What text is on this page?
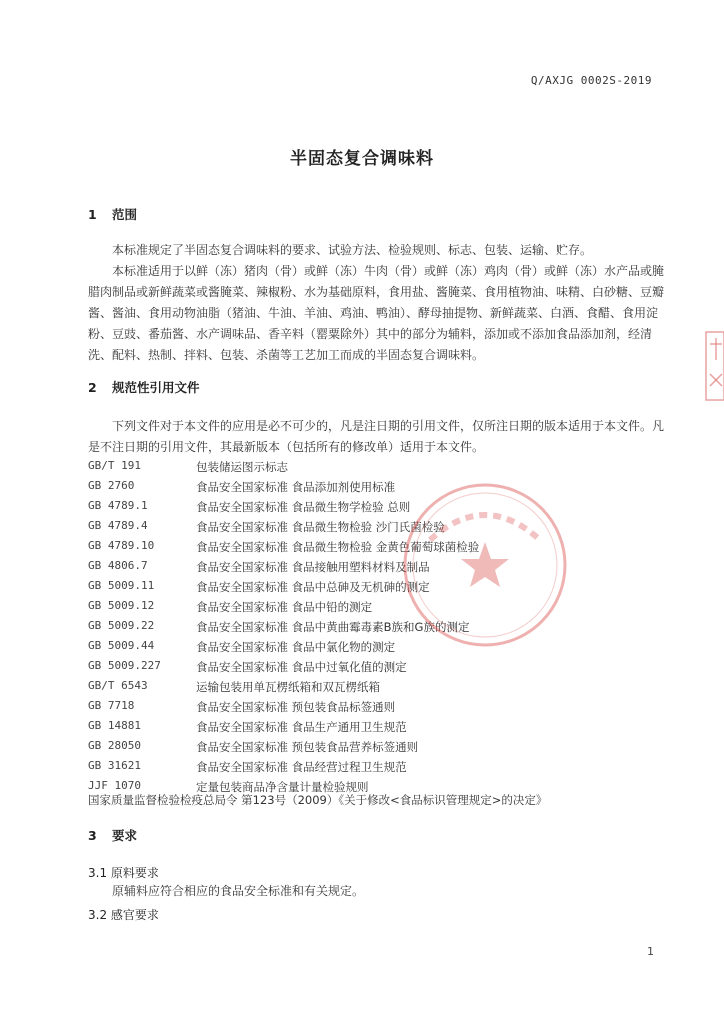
Q/AXJG 0002S-2019
半固态复合调味料
1 范围
本标准规定了半固态复合调味料的要求、试验方法、检验规则、标志、包装、运输、贮存。
本标准适用于以鲜（冻）猪肉（骨）或鲜（冻）牛肉（骨）或鲜（冻）鸡肉（骨）或鲜（冻）水产品或腌腊肉制品或新鲜蔬菜或酱腌菜、辣椒粉、水为基础原料，食用盐、酱腌菜、食用植物油、味精、白砂糖、豆瓣酱、酱油、食用动物油脂（猪油、牛油、羊油、鸡油、鸭油）、酵母抽提物、新鲜蔬菜、白酒、食醋、食用淀粉、豆豉、番茄酱、水产调味品、香辛料（罂粟除外）其中的部分为辅料，添加或不添加食品添加剂，经清洗、配料、热制、拌料、包装、杀菌等工艺加工而成的半固态复合调味料。
2 规范性引用文件
下列文件对于本文件的应用是必不可少的，凡是注日期的引用文件，仅所注日期的版本适用于本文件。凡是不注日期的引用文件，其最新版本（包括所有的修改单）适用于本文件。
GB/T 191	包装储运图示标志
GB 2760	食品安全国家标准 食品添加剂使用标准
GB 4789.1	食品安全国家标准 食品微生物学检验 总则
GB 4789.4	食品安全国家标准 食品微生物检验 沙门氏菌检验
GB 4789.10	食品安全国家标准 食品微生物检验 金黄色葡萄球菌检验
GB 4806.7	食品安全国家标准 食品接触用塑料材料及制品
GB 5009.11	食品安全国家标准 食品中总砷及无机砷的测定
GB 5009.12	食品安全国家标准 食品中铅的测定
GB 5009.22	食品安全国家标准 食品中黄曲霉毒素B族和G族的测定
GB 5009.44	食品安全国家标准 食品中氯化物的测定
GB 5009.227	食品安全国家标准 食品中过氧化值的测定
GB/T 6543	运输包装用单瓦楞纸箱和双瓦楞纸箱
GB 7718	食品安全国家标准 预包装食品标签通则
GB 14881	食品安全国家标准 食品生产通用卫生规范
GB 28050	食品安全国家标准 预包装食品营养标签通则
GB 31621	食品安全国家标准 食品经营过程卫生规范
JJF 1070	定量包装商品净含量计量检验规则
国家质量监督检验检疫总局令 第123号（2009）《关于修改<食品标识管理规定>的决定》
3 要求
3.1 原料要求
原辅料应符合相应的食品安全标准和有关规定。
3.2 感官要求
1
